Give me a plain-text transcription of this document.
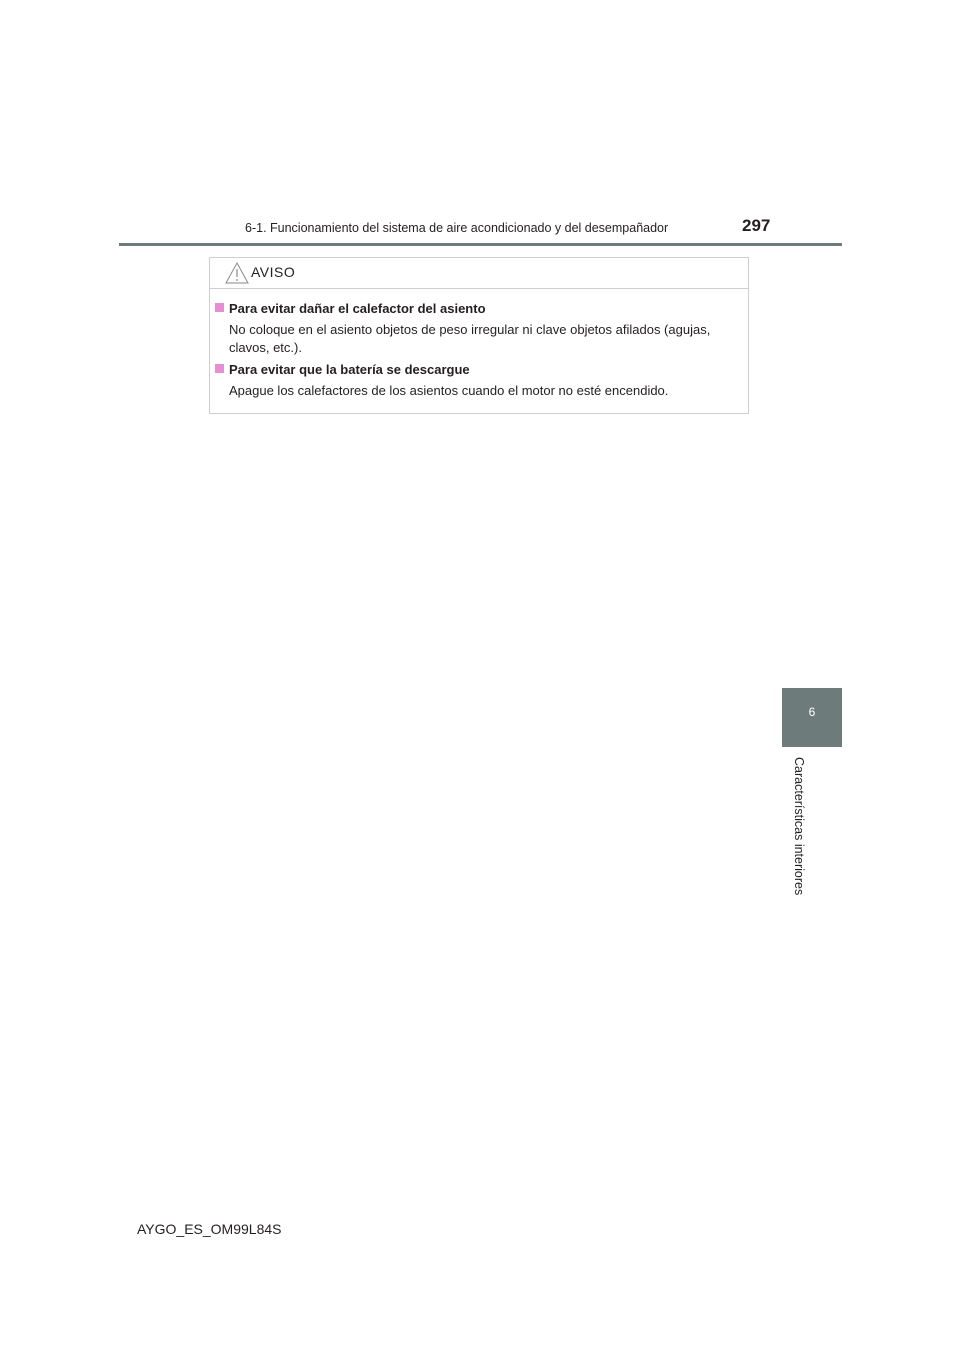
6-1. Funcionamiento del sistema de aire acondicionado y del desempañador	297
6
Características interiores
AVISO
Para evitar dañar el calefactor del asiento
No coloque en el asiento objetos de peso irregular ni clave objetos afilados (agujas, clavos, etc.).
Para evitar que la batería se descargue
Apague los calefactores de los asientos cuando el motor no esté encendido.
AYGO_ES_OM99L84S
